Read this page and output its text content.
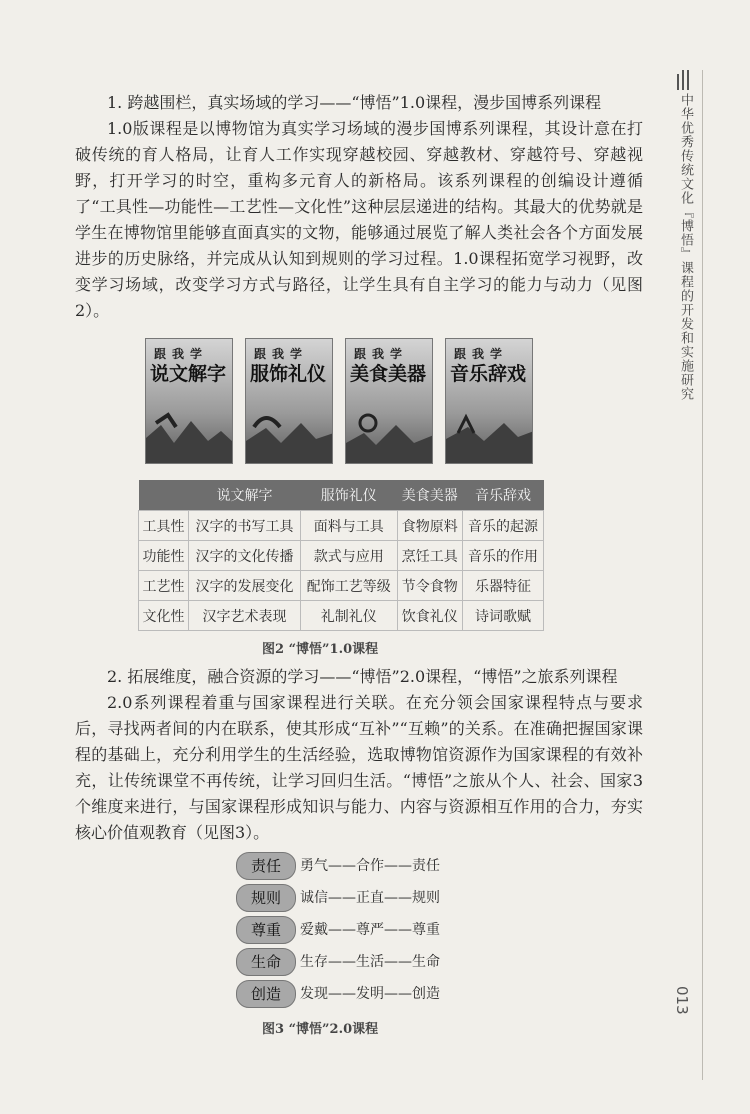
中华优秀传统文化『博悟』课程的开发和实施研究
013

1. 跨越围栏，真实场域的学习——“博悟”1.0课程，漫步国博系列课程

1.0版课程是以博物馆为真实学习场域的漫步国博系列课程，其设计意在打破传统的育人格局，让育人工作实现穿越校园、穿越教材、穿越符号、穿越视野，打开学习的时空，重构多元育人的新格局。该系列课程的创编设计遵循了“工具性—功能性—工艺性—文化性”这种层层递进的结构。其最大的优势就是学生在博物馆里能够直面真实的文物，能够通过展览了解人类社会各个方面发展进步的历史脉络，并完成从认知到规则的学习过程。1.0课程拓宽学习视野，改变学习场域，改变学习方式与路径，让学生具有自主学习的能力与动力（见图2）。

跟我学
说文解字
跟我学
服饰礼仪
跟我学
美食美器
跟我学
音乐辞戏
	说文解字	服饰礼仪	美食美器	音乐辞戏
工具性	汉字的书写工具	面料与工具	食物原料	音乐的起源
功能性	汉字的文化传播	款式与应用	烹饪工具	音乐的作用
工艺性	汉字的发展变化	配饰工艺等级	节令食物	乐器特征
文化性	汉字艺术表现	礼制礼仪	饮食礼仪	诗词歌赋
图2 “博悟”1.0课程

2. 拓展维度，融合资源的学习——“博悟”2.0课程，“博悟”之旅系列课程

2.0系列课程着重与国家课程进行关联。在充分领会国家课程特点与要求后，寻找两者间的内在联系，使其形成“互补”“互赖”的关系。在准确把握国家课程的基础上，充分利用学生的生活经验，选取博物馆资源作为国家课程的有效补充，让传统课堂不再传统，让学习回归生活。“博悟”之旅从个人、社会、国家3个维度来进行，与国家课程形成知识与能力、内容与资源相互作用的合力，夯实核心价值观教育（见图3）。

责任	勇气——合作——责任
规则	诚信——正直——规则
尊重	爱戴——尊严——尊重
生命	生存——生活——生命
创造	发现——发明——创造
图3 “博悟”2.0课程
